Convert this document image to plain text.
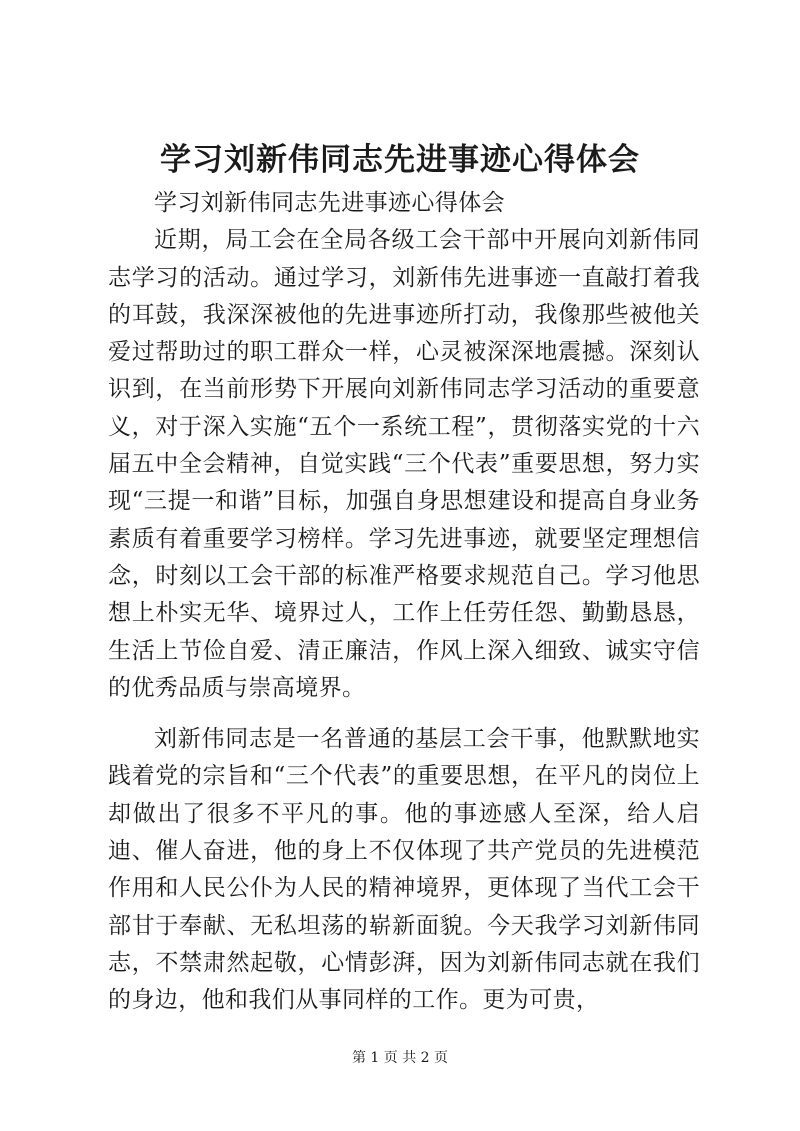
学习刘新伟同志先进事迹心得体会

学习刘新伟同志先进事迹心得体会

近期，局工会在全局各级工会干部中开展向刘新伟同志学习的活动。通过学习，刘新伟先进事迹一直敲打着我的耳鼓，我深深被他的先进事迹所打动，我像那些被他关爱过帮助过的职工群众一样，心灵被深深地震撼。深刻认识到，在当前形势下开展向刘新伟同志学习活动的重要意义，对于深入实施“五个一系统工程”，贯彻落实党的十六届五中全会精神，自觉实践“三个代表”重要思想，努力实现“三提一和谐”目标，加强自身思想建设和提高自身业务素质有着重要学习榜样。学习先进事迹，就要坚定理想信念，时刻以工会干部的标准严格要求规范自己。学习他思想上朴实无华、境界过人，工作上任劳任怨、勤勤恳恳，生活上节俭自爱、清正廉洁，作风上深入细致、诚实守信的优秀品质与崇高境界。

刘新伟同志是一名普通的基层工会干事，他默默地实践着党的宗旨和“三个代表”的重要思想，在平凡的岗位上却做出了很多不平凡的事。他的事迹感人至深，给人启迪、催人奋进，他的身上不仅体现了共产党员的先进模范作用和人民公仆为人民的精神境界，更体现了当代工会干部甘于奉献、无私坦荡的崭新面貌。今天我学习刘新伟同志，不禁肃然起敬，心情彭湃，因为刘新伟同志就在我们的身边，他和我们从事同样的工作。更为可贵，

第 1 页 共 2 页
